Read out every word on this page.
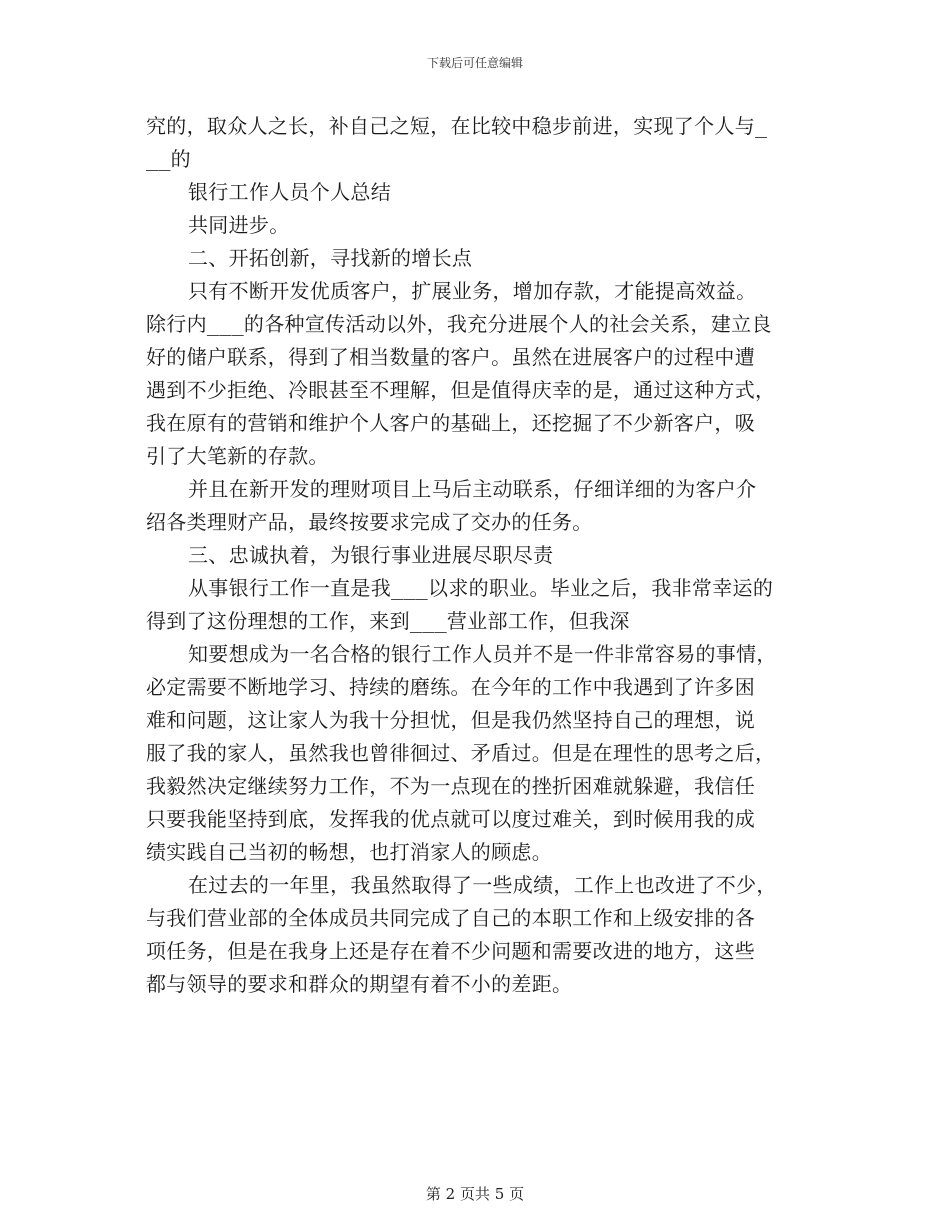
下载后可任意编辑
究的，取众人之长，补自己之短，在比较中稳步前进，实现了个人与_
__的
银行工作人员个人总结
共同进步。
二、开拓创新，寻找新的增长点
只有不断开发优质客户，扩展业务，增加存款，才能提高效益。
除行内___的各种宣传活动以外，我充分进展个人的社会关系，建立良
好的储户联系，得到了相当数量的客户。虽然在进展客户的过程中遭
遇到不少拒绝、冷眼甚至不理解，但是值得庆幸的是，通过这种方式，
我在原有的营销和维护个人客户的基础上，还挖掘了不少新客户，吸
引了大笔新的存款。
并且在新开发的理财项目上马后主动联系，仔细详细的为客户介
绍各类理财产品，最终按要求完成了交办的任务。
三、忠诚执着，为银行事业进展尽职尽责
从事银行工作一直是我___以求的职业。毕业之后，我非常幸运的
得到了这份理想的工作，来到___营业部工作，但我深
知要想成为一名合格的银行工作人员并不是一件非常容易的事情，
必定需要不断地学习、持续的磨练。在今年的工作中我遇到了许多困
难和问题，这让家人为我十分担忧，但是我仍然坚持自己的理想，说
服了我的家人，虽然我也曾徘徊过、矛盾过。但是在理性的思考之后，
我毅然决定继续努力工作，不为一点现在的挫折困难就躲避，我信任
只要我能坚持到底，发挥我的优点就可以度过难关，到时候用我的成
绩实践自己当初的畅想，也打消家人的顾虑。
在过去的一年里，我虽然取得了一些成绩，工作上也改进了不少，
与我们营业部的全体成员共同完成了自己的本职工作和上级安排的各
项任务，但是在我身上还是存在着不少问题和需要改进的地方，这些
都与领导的要求和群众的期望有着不小的差距。
第 2 页共 5 页
